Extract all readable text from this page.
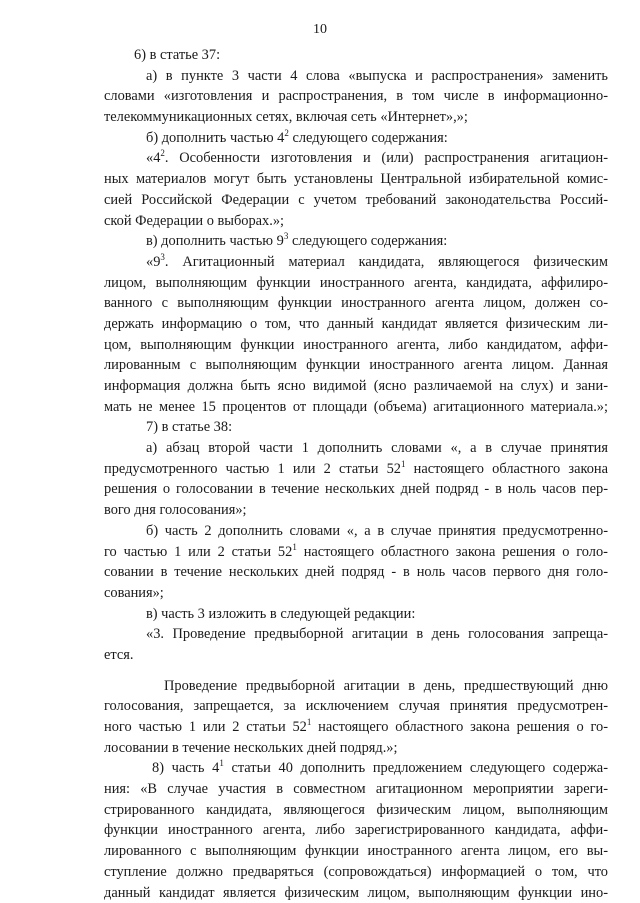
10
6) в статье 37:
а) в пункте 3 части 4 слова «выпуска и распространения» заменить
словами «изготовления и распространения, в том числе в информационно-
телекоммуникационных сетях, включая сеть «Интернет»,»;
б) дополнить частью $4^2$ следующего содержания:
«$4^2$. Особенности изготовления и (или) распространения агитацион-
ных материалов могут быть установлены Центральной избирательной комис-
сией Российской Федерации с учетом требований законодательства Россий-
ской Федерации о выборах.»;
в) дополнить частью $9^3$ следующего содержания:
«$9^3$. Агитационный материал кандидата, являющегося физическим
лицом, выполняющим функции иностранного агента, кандидата, аффилиро-
ванного с выполняющим функции иностранного агента лицом, должен со-
держать информацию о том, что данный кандидат является физическим ли-
цом, выполняющим функции иностранного агента, либо кандидатом, аффи-
лированным с выполняющим функции иностранного агента лицом. Данная
информация должна быть ясно видимой (ясно различаемой на слух) и зани-
мать не менее 15 процентов от площади (объема) агитационного материала.»;
7) в статье 38:
а) абзац второй части 1 дополнить словами «, а в случае принятия
предусмотренного частью 1 или 2 статьи $52^1$ настоящего областного закона
решения о голосовании в течение нескольких дней подряд - в ноль часов пер-
вого дня голосования»;
б) часть 2 дополнить словами «, а в случае принятия предусмотренно-
го частью 1 или 2 статьи $52^1$ настоящего областного закона решения о голо-
совании в течение нескольких дней подряд - в ноль часов первого дня голо-
сования»;
в) часть 3 изложить в следующей редакции:
«3. Проведение предвыборной агитации в день голосования запреща-
ется.
Проведение предвыборной агитации в день, предшествующий дню
голосования, запрещается, за исключением случая принятия предусмотрен-
ного частью 1 или 2 статьи $52^1$ настоящего областного закона решения о го-
лосовании в течение нескольких дней подряд.»;
8) часть $4^1$ статьи 40 дополнить предложением следующего содержа-
ния: «В случае участия в совместном агитационном мероприятии зареги-
стрированного кандидата, являющегося физическим лицом, выполняющим
функции иностранного агента, либо зарегистрированного кандидата, аффи-
лированного с выполняющим функции иностранного агента лицом, его вы-
ступление должно предваряться (сопровождаться) информацией о том, что
данный кандидат является физическим лицом, выполняющим функции ино-
